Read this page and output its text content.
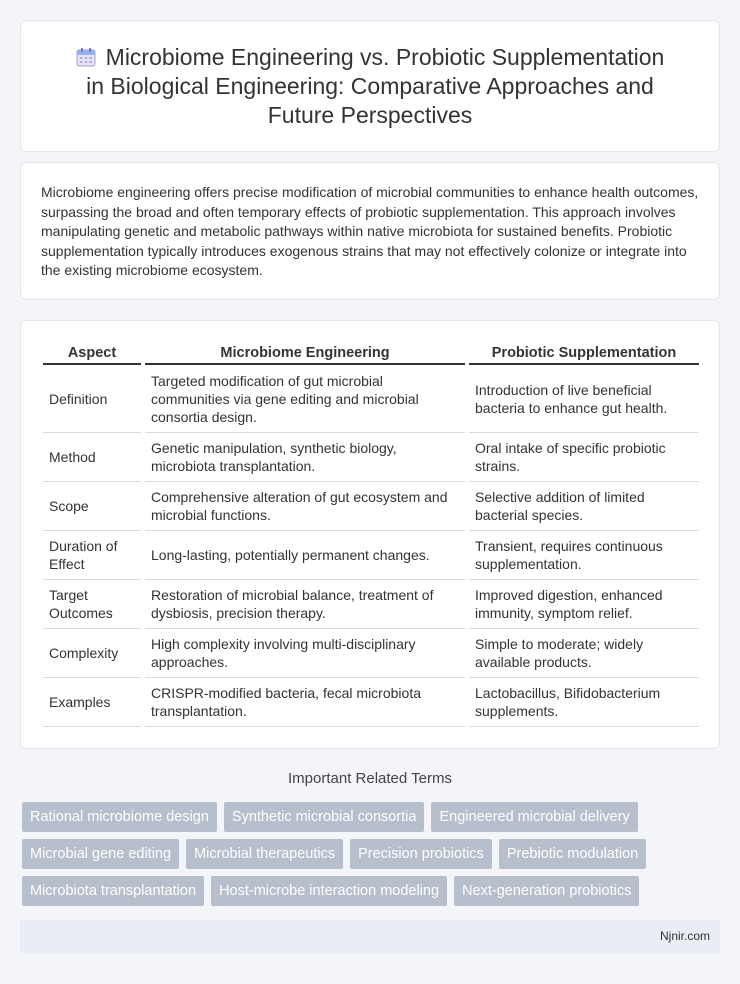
Microbiome Engineering vs. Probiotic Supplementation
in Biological Engineering: Comparative Approaches and
Future Perspectives

Microbiome engineering offers precise modification of microbial communities to enhance health outcomes, surpassing the broad and often temporary effects of probiotic supplementation. This approach involves manipulating genetic and metabolic pathways within native microbiota for sustained benefits. Probiotic supplementation typically introduces exogenous strains that may not effectively colonize or integrate into the existing microbiome ecosystem.

Aspect		Microbiome Engineering		Probiotic Supplementation
Definition		Targeted modification of gut microbial communities via gene editing and microbial consortia design.		Introduction of live beneficial bacteria to enhance gut health.
Method		Genetic manipulation, synthetic biology, microbiota transplantation.		Oral intake of specific probiotic strains.
Scope		Comprehensive alteration of gut ecosystem and microbial functions.		Selective addition of limited bacterial species.
Duration of Effect		Long-lasting, potentially permanent changes.		Transient, requires continuous supplementation.
Target Outcomes		Restoration of microbial balance, treatment of dysbiosis, precision therapy.		Improved digestion, enhanced immunity, symptom relief.
Complexity		High complexity involving multi-disciplinary approaches.		Simple to moderate; widely available products.
Examples		CRISPR-modified bacteria, fecal microbiota transplantation.		Lactobacillus, Bifidobacterium supplements.
Important Related Terms
Rational microbiome design	Synthetic microbial consortia	Engineered microbial delivery
Microbial gene editing	Microbial therapeutics	Precision probiotics	Prebiotic modulation
Microbiota transplantation	Host-microbe interaction modeling	Next-generation probiotics
Njnir.com
